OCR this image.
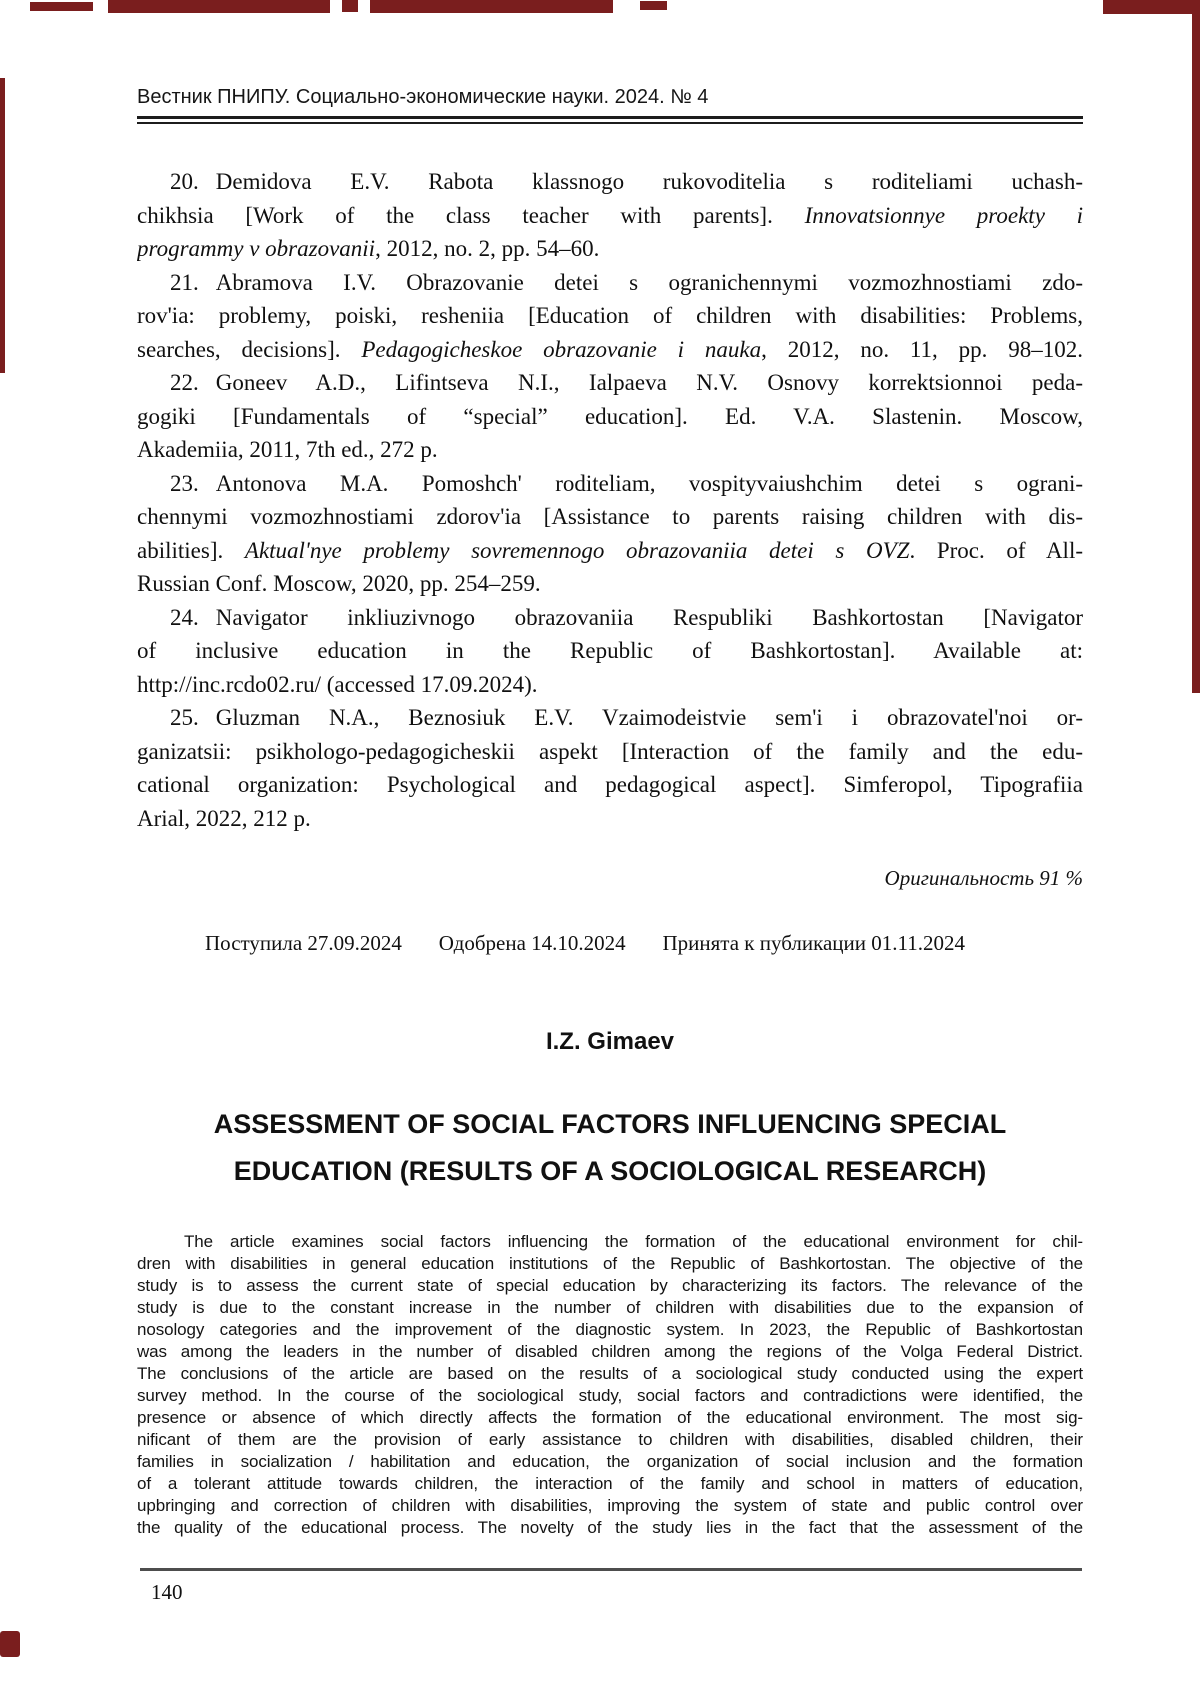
Вестник ПНИПУ. Социально-экономические науки. 2024. № 4
20. Demidova E.V. Rabota klassnogo rukovoditelia s roditeliami uchash-
chikhsia [Work of the class teacher with parents]. Innovatsionnye proekty i
programmy v obrazovanii, 2012, no. 2, pp. 54–60.
21. Abramova I.V. Obrazovanie detei s ogranichennymi vozmozhnostiami zdo-
rov'ia: problemy, poiski, resheniia [Education of children with disabilities: Problems,
searches, decisions]. Pedagogicheskoe obrazovanie i nauka, 2012, no. 11, pp. 98–102.
22. Goneev A.D., Lifintseva N.I., Ialpaeva N.V. Osnovy korrektsionnoi peda-
gogiki [Fundamentals of “special” education]. Ed. V.A. Slastenin. Moscow,
Akademiia, 2011, 7th ed., 272 p.
23. Antonova M.A. Pomoshch' roditeliam, vospityvaiushchim detei s ograni-
chennymi vozmozhnostiami zdorov'ia [Assistance to parents raising children with dis-
abilities]. Aktual'nye problemy sovremennogo obrazovaniia detei s OVZ. Proc. of All-
Russian Conf. Moscow, 2020, pp. 254–259.
24. Navigator inkliuzivnogo obrazovaniia Respubliki Bashkortostan [Navigator
of inclusive education in the Republic of Bashkortostan]. Available at:
http://inc.rcdo02.ru/ (accessed 17.09.2024).
25. Gluzman N.A., Beznosiuk E.V. Vzaimodeistvie sem'i i obrazovatel'noi or-
ganizatsii: psikhologo-pedagogicheskii aspekt [Interaction of the family and the edu-
cational organization: Psychological and pedagogical aspect]. Simferopol, Tipografiia
Arial, 2022, 212 p.
Оригинальность 91 %
Поступила 27.09.2024 Одобрена 14.10.2024 Принята к публикации 01.11.2024
I.Z. Gimaev
ASSESSMENT OF SOCIAL FACTORS INFLUENCING SPECIAL
EDUCATION (RESULTS OF A SOCIOLOGICAL RESEARCH)
The article examines social factors influencing the formation of the educational environment for chil-
dren with disabilities in general education institutions of the Republic of Bashkortostan. The objective of the
study is to assess the current state of special education by characterizing its factors. The relevance of the
study is due to the constant increase in the number of children with disabilities due to the expansion of
nosology categories and the improvement of the diagnostic system. In 2023, the Republic of Bashkortostan
was among the leaders in the number of disabled children among the regions of the Volga Federal District.
The conclusions of the article are based on the results of a sociological study conducted using the expert
survey method. In the course of the sociological study, social factors and contradictions were identified, the
presence or absence of which directly affects the formation of the educational environment. The most sig-
nificant of them are the provision of early assistance to children with disabilities, disabled children, their
families in socialization / habilitation and education, the organization of social inclusion and the formation
of a tolerant attitude towards children, the interaction of the family and school in matters of education,
upbringing and correction of children with disabilities, improving the system of state and public control over
the quality of the educational process. The novelty of the study lies in the fact that the assessment of the
140
